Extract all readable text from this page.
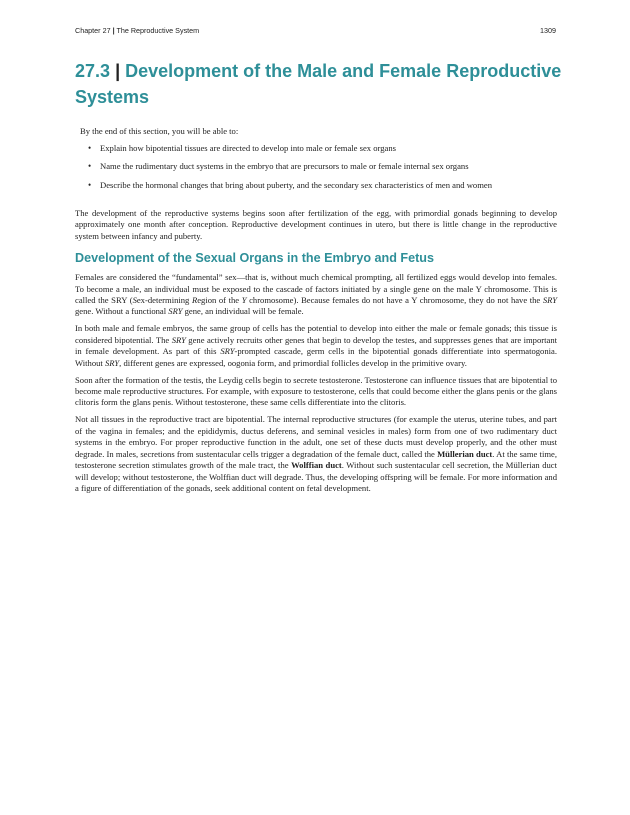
Chapter 27 | The Reproductive System	1309
27.3 | Development of the Male and Female Reproductive Systems

By the end of this section, you will be able to:

• Explain how bipotential tissues are directed to develop into male or female sex organs
• Name the rudimentary duct systems in the embryo that are precursors to male or female internal sex organs
• Describe the hormonal changes that bring about puberty, and the secondary sex characteristics of men and women

The development of the reproductive systems begins soon after fertilization of the egg, with primordial gonads beginning to develop approximately one month after conception. Reproductive development continues in utero, but there is little change in the reproductive system between infancy and puberty.

Development of the Sexual Organs in the Embryo and Fetus

Females are considered the “fundamental” sex—that is, without much chemical prompting, all fertilized eggs would develop into females. To become a male, an individual must be exposed to the cascade of factors initiated by a single gene on the male Y chromosome. This is called the SRY (Sex-determining Region of the Y chromosome). Because females do not have a Y chromosome, they do not have the SRY gene. Without a functional SRY gene, an individual will be female.

In both male and female embryos, the same group of cells has the potential to develop into either the male or female gonads; this tissue is considered bipotential. The SRY gene actively recruits other genes that begin to develop the testes, and suppresses genes that are important in female development. As part of this SRY-prompted cascade, germ cells in the bipotential gonads differentiate into spermatogonia. Without SRY, different genes are expressed, oogonia form, and primordial follicles develop in the primitive ovary.

Soon after the formation of the testis, the Leydig cells begin to secrete testosterone. Testosterone can influence tissues that are bipotential to become male reproductive structures. For example, with exposure to testosterone, cells that could become either the glans penis or the glans clitoris form the glans penis. Without testosterone, these same cells differentiate into the clitoris.

Not all tissues in the reproductive tract are bipotential. The internal reproductive structures (for example the uterus, uterine tubes, and part of the vagina in females; and the epididymis, ductus deferens, and seminal vesicles in males) form from one of two rudimentary duct systems in the embryo. For proper reproductive function in the adult, one set of these ducts must develop properly, and the other must degrade. In males, secretions from sustentacular cells trigger a degradation of the female duct, called the Müllerian duct. At the same time, testosterone secretion stimulates growth of the male tract, the Wolffian duct. Without such sustentacular cell secretion, the Müllerian duct will develop; without testosterone, the Wolffian duct will degrade. Thus, the developing offspring will be female. For more information and a figure of differentiation of the gonads, seek additional content on fetal development.
